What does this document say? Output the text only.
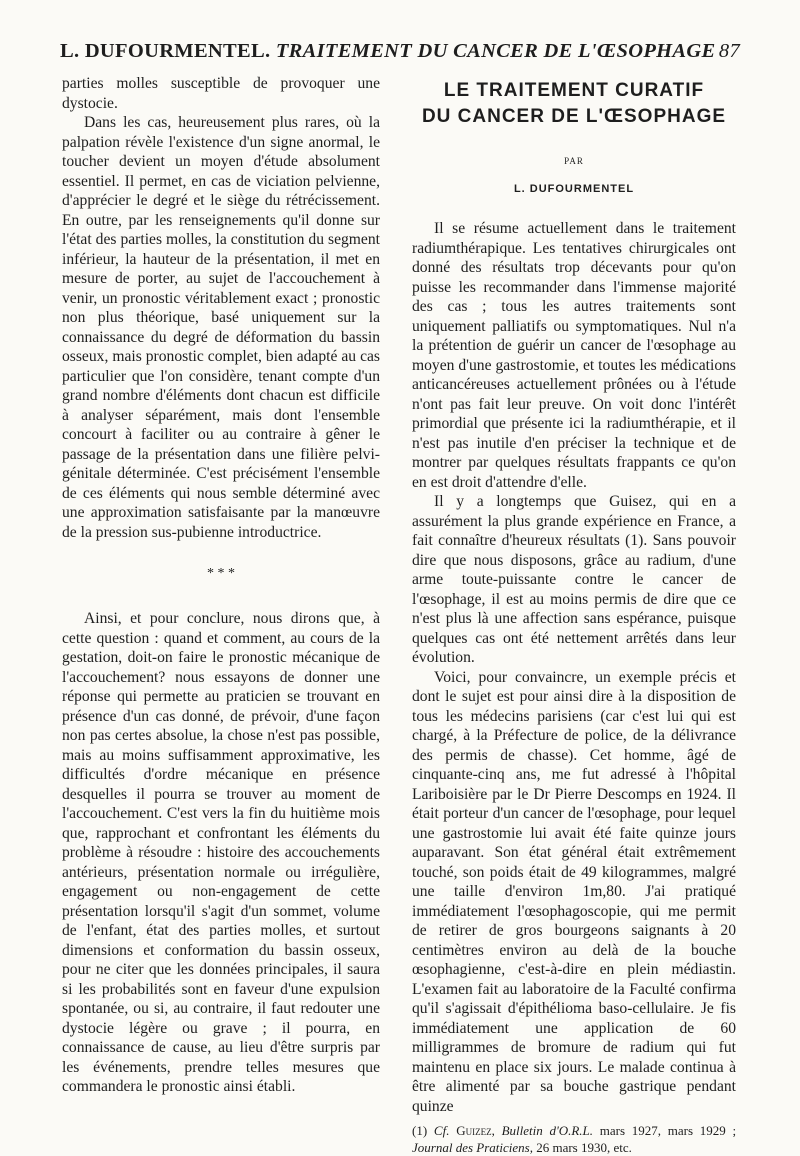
L. DUFOURMENTEL. TRAITEMENT DU CANCER DE L'ŒSOPHAGE 87

parties molles susceptible de provoquer une dystocie.

Dans les cas, heureusement plus rares, où la palpation révèle l'existence d'un signe anormal, le toucher devient un moyen d'étude absolument essentiel. Il permet, en cas de viciation pelvienne, d'apprécier le degré et le siège du rétrécissement. En outre, par les renseignements qu'il donne sur l'état des parties molles, la constitution du segment inférieur, la hauteur de la présentation, il met en mesure de porter, au sujet de l'accouchement à venir, un pronostic véritablement exact ; pronostic non plus théorique, basé uniquement sur la connaissance du degré de déformation du bassin osseux, mais pronostic complet, bien adapté au cas particulier que l'on considère, tenant compte d'un grand nombre d'éléments dont chacun est difficile à analyser séparément, mais dont l'ensemble concourt à faciliter ou au contraire à gêner le passage de la présentation dans une filière pelvi-génitale déterminée. C'est précisément l'ensemble de ces éléments qui nous semble déterminé avec une approximation satisfaisante par la manœuvre de la pression sus-pubienne introductrice.

* * *

Ainsi, et pour conclure, nous dirons que, à cette question : quand et comment, au cours de la gestation, doit-on faire le pronostic mécanique de l'accouchement? nous essayons de donner une réponse qui permette au praticien se trouvant en présence d'un cas donné, de prévoir, d'une façon non pas certes absolue, la chose n'est pas possible, mais au moins suffisamment approximative, les difficultés d'ordre mécanique en présence desquelles il pourra se trouver au moment de l'accouchement. C'est vers la fin du huitième mois que, rapprochant et confrontant les éléments du problème à résoudre : histoire des accouchements antérieurs, présentation normale ou irrégulière, engagement ou non-engagement de cette présentation lorsqu'il s'agit d'un sommet, volume de l'enfant, état des parties molles, et surtout dimensions et conformation du bassin osseux, pour ne citer que les données principales, il saura si les probabilités sont en faveur d'une expulsion spontanée, ou si, au contraire, il faut redouter une dystocie légère ou grave ; il pourra, en connaissance de cause, au lieu d'être surpris par les événements, prendre telles mesures que commandera le pronostic ainsi établi.

LE TRAITEMENT CURATIF
DU CANCER DE L'ŒSOPHAGE
PAR
L. DUFOURMENTEL

Il se résume actuellement dans le traitement radiumthérapique. Les tentatives chirurgicales ont donné des résultats trop décevants pour qu'on puisse les recommander dans l'immense majorité des cas ; tous les autres traitements sont uniquement palliatifs ou symptomatiques. Nul n'a la prétention de guérir un cancer de l'œsophage au moyen d'une gastrostomie, et toutes les médications anticancéreuses actuellement prônées ou à l'étude n'ont pas fait leur preuve. On voit donc l'intérêt primordial que présente ici la radiumthérapie, et il n'est pas inutile d'en préciser la technique et de montrer par quelques résultats frappants ce qu'on en est droit d'attendre d'elle.

Il y a longtemps que Guisez, qui en a assurément la plus grande expérience en France, a fait connaître d'heureux résultats (1). Sans pouvoir dire que nous disposons, grâce au radium, d'une arme toute-puissante contre le cancer de l'œsophage, il est au moins permis de dire que ce n'est plus là une affection sans espérance, puisque quelques cas ont été nettement arrêtés dans leur évolution.

Voici, pour convaincre, un exemple précis et dont le sujet est pour ainsi dire à la disposition de tous les médecins parisiens (car c'est lui qui est chargé, à la Préfecture de police, de la délivrance des permis de chasse). Cet homme, âgé de cinquante-cinq ans, me fut adressé à l'hôpital Lariboisière par le Dr Pierre Descomps en 1924. Il était porteur d'un cancer de l'œsophage, pour lequel une gastrostomie lui avait été faite quinze jours auparavant. Son état général était extrêmement touché, son poids était de 49 kilogrammes, malgré une taille d'environ 1m,80. J'ai pratiqué immédiatement l'œsophagoscopie, qui me permit de retirer de gros bourgeons saignants à 20 centimètres environ au delà de la bouche œsophagienne, c'est-à-dire en plein médiastin. L'examen fait au laboratoire de la Faculté confirma qu'il s'agissait d'épithélioma baso-cellulaire. Je fis immédiatement une application de 60 milligrammes de bromure de radium qui fut maintenu en place six jours. Le malade continua à être alimenté par sa bouche gastrique pendant quinze

(1) Cf. Guizez, Bulletin d'O.R.L. mars 1927, mars 1929 ; Journal des Praticiens, 26 mars 1930, etc.
